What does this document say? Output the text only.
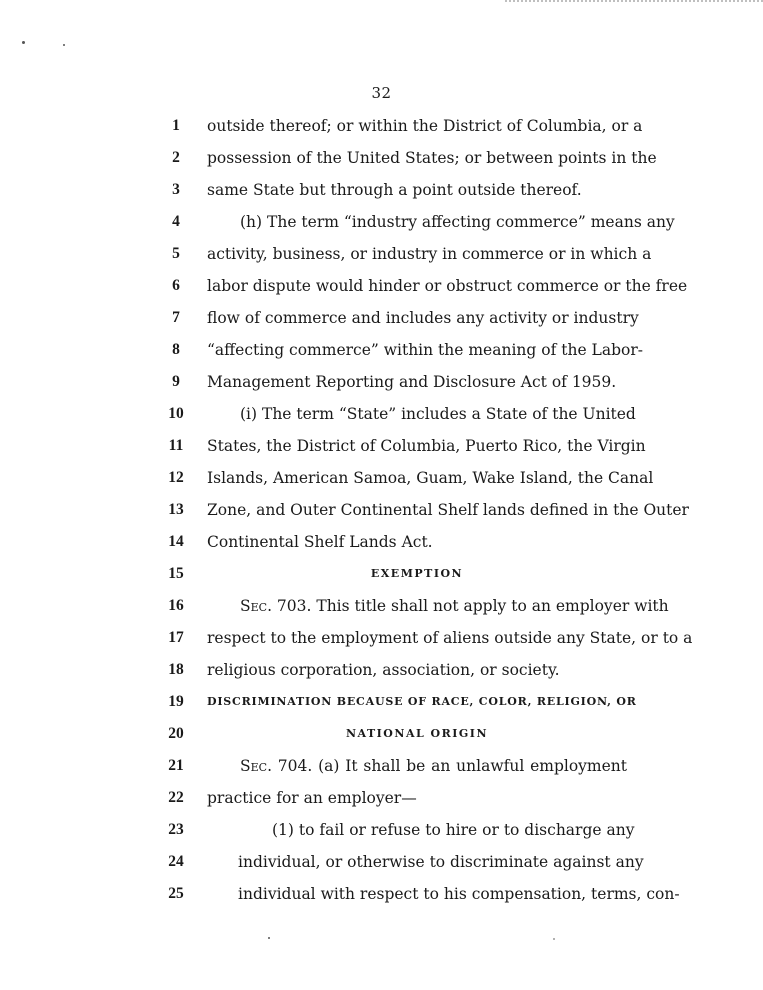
32
1	outside thereof; or within the District of Columbia, or a
2	possession of the United States; or between points in the
3	same State but through a point outside thereof.
4	(h) The term “industry affecting commerce” means any
5	activity, business, or industry in commerce or in which a
6	labor dispute would hinder or obstruct commerce or the free
7	flow of commerce and includes any activity or industry
8	“affecting commerce” within the meaning of the Labor-
9	Management Reporting and Disclosure Act of 1959.
10	(i) The term “State” includes a State of the United
11	States, the District of Columbia, Puerto Rico, the Virgin
12	Islands, American Samoa, Guam, Wake Island, the Canal
13	Zone, and Outer Continental Shelf lands defined in the Outer
14	Continental Shelf Lands Act.
15	EXEMPTION
16	Sec. 703. This title shall not apply to an employer with
17	respect to the employment of aliens outside any State, or to a
18	religious corporation, association, or society.
19	DISCRIMINATION BECAUSE OF RACE, COLOR, RELIGION, OR
20	NATIONAL ORIGIN
21	Sec. 704. (a) It shall be an unlawful employment
22	practice for an employer—
23	(1) to fail or refuse to hire or to discharge any
24	individual, or otherwise to discriminate against any
25	individual with respect to his compensation, terms, con-
